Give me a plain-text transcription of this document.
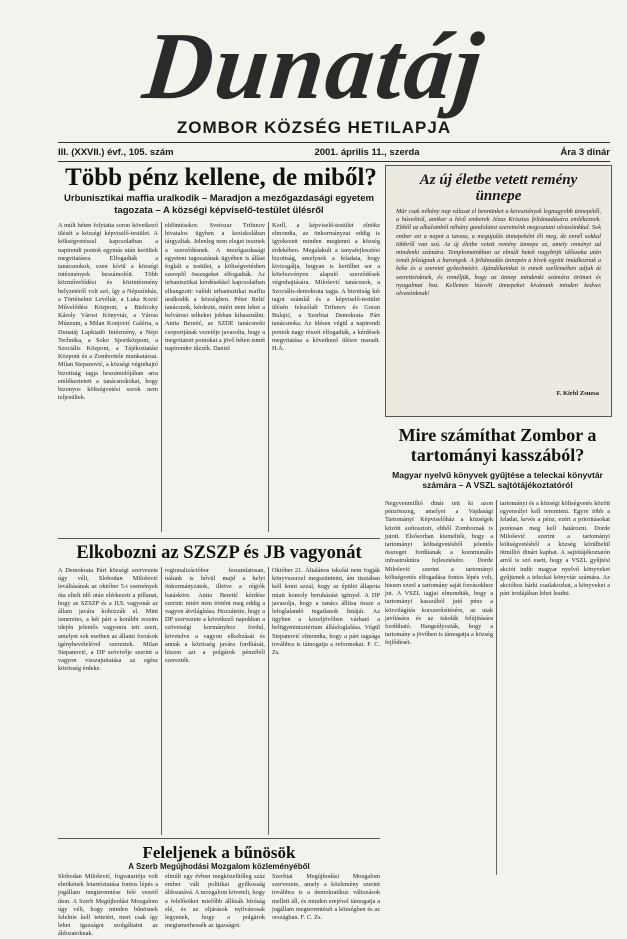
Dunatáj
ZOMBOR KÖZSÉG HETILAPJA
III. (XXVII.) évf., 105. szám	2001. április 11., szerda	Ára 3 dinár
Több pénz kellene, de miből?
Urbunisztikai maffia uralkodik – Maradjon a mezőgazdasági egyetem tagozata – A községi képviselő-testület ülésről
A múlt héten folytatta soron következő ülését a községi képviselő-testület. A költségvetéssel kapcsolatban a napirendi pontok egymás után kerültek megvitatásra. Elfogadták a tanácsnokok, ezen kívül a községi intézmények beszámolóit. Több közművelődési és közintézmény helyzetéről volt szó, így a Népszínház, a Történelmi Levéltár, a Luka Kozić Művelődési Központ, a Bielicsky Károly Városi Könyvtár, a Városi Múzeum, a Milan Konjović Galéria, a Dunatáj Lapkiadó Intézmény, a Népi Technika, a Soko Sportközpont, a Szociális Központ, a Tájékoztatási Központ és a Zombortele munkatársai. Milan Stepanović, a községi végrehajtó bizottság tagja beszámolójában arra emlékeztetett a tanácsnokokat, hogy bizonyos költségvetési sorok nem teljesültek.
eldöntésekor. Svetozar Trifunov hivatalos ügyben a keziskolában tárgyaltak. Jelenleg nem eleget tesznek a szerződésnek. A mezőgazdasági egyetem tagozatának ügyében is állást foglalt a testület, a költségvetésben szereplő összegeket elfogadták. Az urbanisztikai kérdésekkel kapcsolatban elhangzott: valódi urbanisztikai maffia uralkodik a községben. Péter Relić tanácsnok, kérdezte, miért nem lehet a belvárosi telkeket jobban kihasználni. Anita Beretić, az SZDE tanácsnoki csoportjának vezetője javasolta, hogy a megvitatott pontokat a jövő héten ismét napirendre tűzzék. Daniel
Korll, a képviselő-testület elnöke elmondta, az önkormányzat eddig is igyekezett minden megtenni a község érdekében. Megalakult a tanyafejlesztési bizottság, amelynek a feladata, hogy kivizsgálja, hogyan is kerülhet sor a kötelezvényen alapuló szerződések végrehajtására. Milošević tanácsnok, a Szociális-demokrata tagja. A bizottság két tagot számlál és a képviselő-testület ülésén felszólalt Trifunov és Goran Bulajić, a Szerbiai Demokrata Párt tanácsnoka. Az ülésen végül a napirendi pontok nagy részét elfogadták, a kérdések megvitatása a következő ülésre maradt. H.Á.
Az új életbe vetett remény ünnepe
Már csak néhány nap választ el bennünket a keresztények legnagyobb ünnepétől, a húsvéttól, amikor a hívő emberek Jézus Krisztus feltámadására emlékeznek. Ebből az alkalomból néhány gondolatot szeretnénk megosztani olvasóinkkal. Sok ember ezt a napot a tavasz, a megújulás ünnepeként éli meg, de ennél sokkal többről van szó. Az új életbe vetett remény ünnepe ez, amely reményt ad mindenki számára. Templomainkban az elmúlt hetek nagyböjti időszaka után ismét felzúgnak a harangok. A feltámadás ünnepén a hívek együtt imádkoznak a béke és a szeretet győzelméért. Ajándékainkat is ennek szellemében adjuk át szeretteinknek, és reméljük, hogy az ünnep mindenki számára örömet és nyugalmat hoz. Kellemes húsvéti ünnepeket kívánunk minden kedves olvasónknak!
F. Kirbl Zsuzsa
Mire számíthat Zombor a tartományi kasszából?
Magyar nyelvű könyvek gyűjtése a teleckai könyvtár számára – A VSZL sajtótájékoztatóról
Negyvenmillió dinár tett ki azon pénzösszeg, amelyet a Vajdasági Tartományi Képviselőház a községek között szétosztott, ebből Zombornak is jutott. Elsősorban kiemelték, hogy a tartományi költségvetésből jelentős összeget fordítanak a kommunális infrastruktúra fejlesztésére. Dorde Milošević szerint a tartományi költségvetés elfogadása fontos lépés volt, hiszen ezzel a tartomány saját forrásokhoz jut. A VSZL tagjai elmondták, hogy a tartományi kasszából jutó pénz a közvilágítás korszerűsítésére, az utak javítására és az iskolák felújítására fordítható. Hangsúlyozták, hogy a tartomány a jövőben is támogatja a község fejlődését.
tartományi és a községi költségvetés között egyensúlyt kell teremteni. Egyre több a feladat, kevés a pénz, ezért a prioritásokat pontosan meg kell határozni. Dorde Milošević szerint a tartományi költségvetésből a község körülbelül ötmillió dinárt kaphat. A sajtótájékoztatón arról is szó esett, hogy a VSZL gyűjtési akciót indít: magyar nyelvű könyveket gyűjtenek a teleckai könyvtár számára. Az akcióhoz bárki csatlakozhat, a könyveket a párt irodájában lehet leadni.
Elkobozni az SZSZP és JB vagyonát
A Demokrata Párt községi szervezete úgy véli, Slobodan Milošević leváltásának az október 5-i események óta eltelt idő után elérkezett a pillanat, hogy az SZSZP és a JUL vagyonát az állam javára kobozzák el. Mint ismeretes, a két párt a korábbi rezsim idején jelentős vagyonra tett szert, amelyet sok esetben az állami források igénybevételével szereztek. Milan Stepanović, a DP szóvivője szerint a vagyon visszajuttatása az egész közösség érdeke.
regionalizációbor hozamlatosan, nálunk is bővül majd a helyi önkormányzatok, illetve a régiók hatásköre. Anita Beretić kérdése szerint: miért nem történt meg eddig a vagyon átvilágítása. Hozzátette, hogy a DP szervezete a következő napokban a szövetségi kormányhoz fordul, követelve a vagyon elkobzását és annak a közösség javára fordítását, hiszen azt a polgárok pénzéből szerezték.
Október 21. Általános iskolát nem fogják könyvszerzel megszüntetni, ám tisztában kell lenni azzal, hogy az épület állapota miatt komoly beruházást igényel. A DP javasolja, hogy a tanács állítsa össze a lefoglalandó ingatlanok listáját. Az ügyben a közeljövőben várható a belügyminisztérium állásfoglalása. Végül Stepanović elmondta, hogy a párt tagsága továbbra is támogatja a reformokat. F. C. Zs.
Feleljenek a bűnösök
A Szerb Megújhodási Mozgalom közleményéből
Slobodan Milošević, fogvatartója volt elnökének letartóztatása fontos lépés a jogállam megteremtése felé vezető úton. A Szerb Megújhodási Mozgalom úgy véli, hogy minden bűnösnek felelnie kell tetteiért, mert csak így lehet igazságot szolgáltatni az áldozatoknak.
elmúlt egy évben megközelítőleg száz ember vált politikai gyilkosság áldozatává. A mozgalom követeli, hogy a felelősöket mielőbb állítsák bíróság elé, és az eljárások nyilvánosak legyenek, hogy a polgárok megismerhessék az igazságot.
Szerbiai Megújhodási Mozgalom szervezete, amely a közlemény szerint továbbra is a demokratikus változások mellett áll, és minden erejével támogatja a jogállam megteremtését a községben és az országban. F. C. Zs.
